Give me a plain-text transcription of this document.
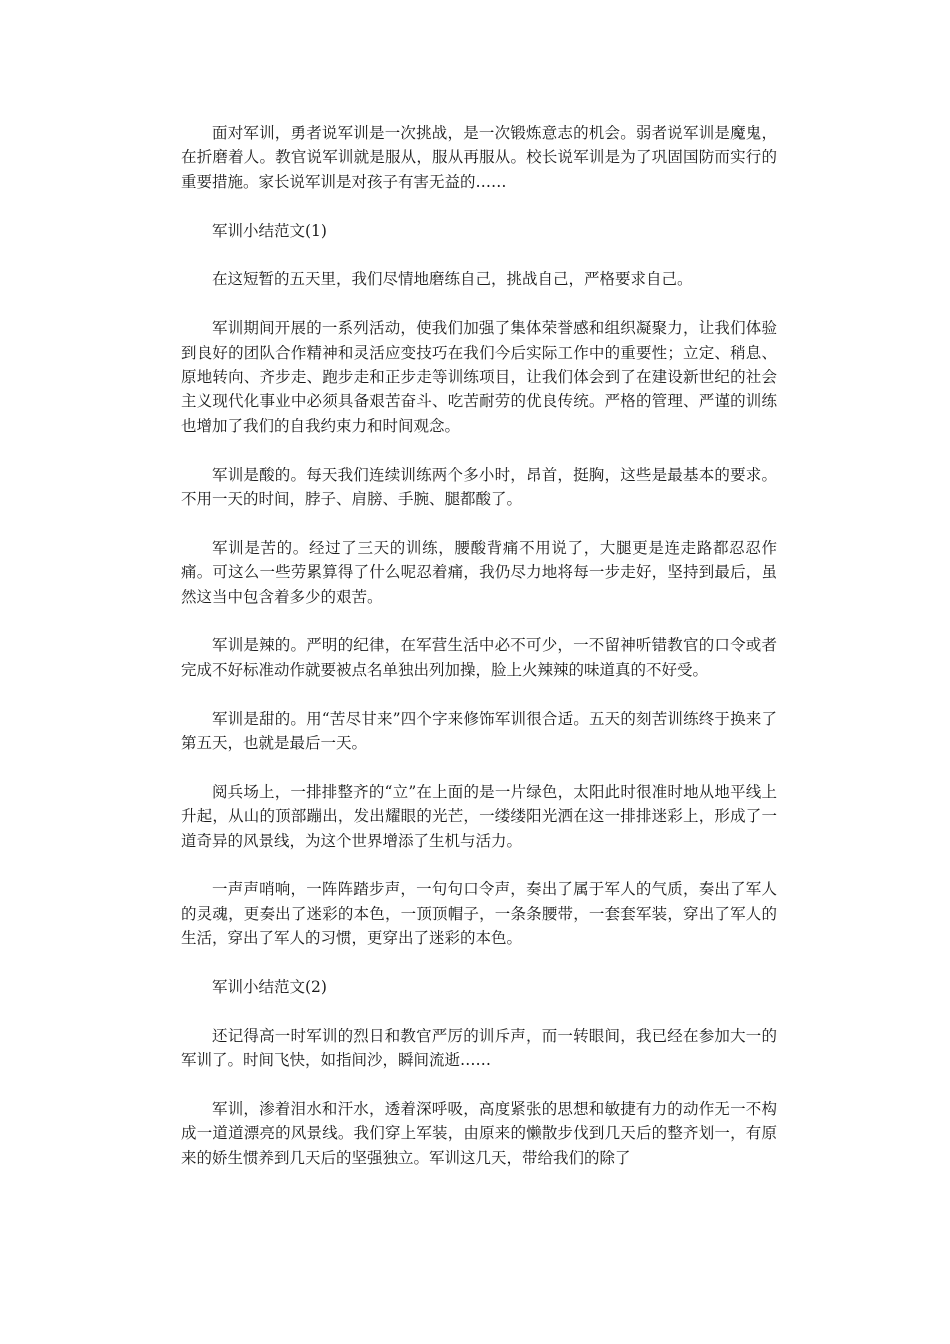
面对军训，勇者说军训是一次挑战，是一次锻炼意志的机会。弱者说军训是魔鬼，在折磨着人。教官说军训就是服从，服从再服从。校长说军训是为了巩固国防而实行的重要措施。家长说军训是对孩子有害无益的……

军训小结范文(1)

在这短暂的五天里，我们尽情地磨练自己，挑战自己，严格要求自己。

军训期间开展的一系列活动，使我们加强了集体荣誉感和组织凝聚力，让我们体验到良好的团队合作精神和灵活应变技巧在我们今后实际工作中的重要性；立定、稍息、原地转向、齐步走、跑步走和正步走等训练项目，让我们体会到了在建设新世纪的社会主义现代化事业中必须具备艰苦奋斗、吃苦耐劳的优良传统。严格的管理、严谨的训练也增加了我们的自我约束力和时间观念。

军训是酸的。每天我们连续训练两个多小时，昂首，挺胸，这些是最基本的要求。不用一天的时间，脖子、肩膀、手腕、腿都酸了。

军训是苦的。经过了三天的训练，腰酸背痛不用说了，大腿更是连走路都忍忍作痛。可这么一些劳累算得了什么呢忍着痛，我仍尽力地将每一步走好，坚持到最后，虽然这当中包含着多少的艰苦。

军训是辣的。严明的纪律，在军营生活中必不可少，一不留神听错教官的口令或者完成不好标准动作就要被点名单独出列加操，脸上火辣辣的味道真的不好受。

军训是甜的。用“苦尽甘来”四个字来修饰军训很合适。五天的刻苦训练终于换来了第五天，也就是最后一天。

阅兵场上，一排排整齐的“立”在上面的是一片绿色，太阳此时很准时地从地平线上升起，从山的顶部蹦出，发出耀眼的光芒，一缕缕阳光洒在这一排排迷彩上，形成了一道奇异的风景线，为这个世界增添了生机与活力。

一声声哨响，一阵阵踏步声，一句句口令声，奏出了属于军人的气质，奏出了军人的灵魂，更奏出了迷彩的本色，一顶顶帽子，一条条腰带，一套套军装，穿出了军人的生活，穿出了军人的习惯，更穿出了迷彩的本色。

军训小结范文(2)

还记得高一时军训的烈日和教官严厉的训斥声，而一转眼间，我已经在参加大一的军训了。时间飞快，如指间沙，瞬间流逝……

军训，渗着泪水和汗水，透着深呼吸，高度紧张的思想和敏捷有力的动作无一不构成一道道漂亮的风景线。我们穿上军装，由原来的懒散步伐到几天后的整齐划一，有原来的娇生惯养到几天后的坚强独立。军训这几天，带给我们的除了
